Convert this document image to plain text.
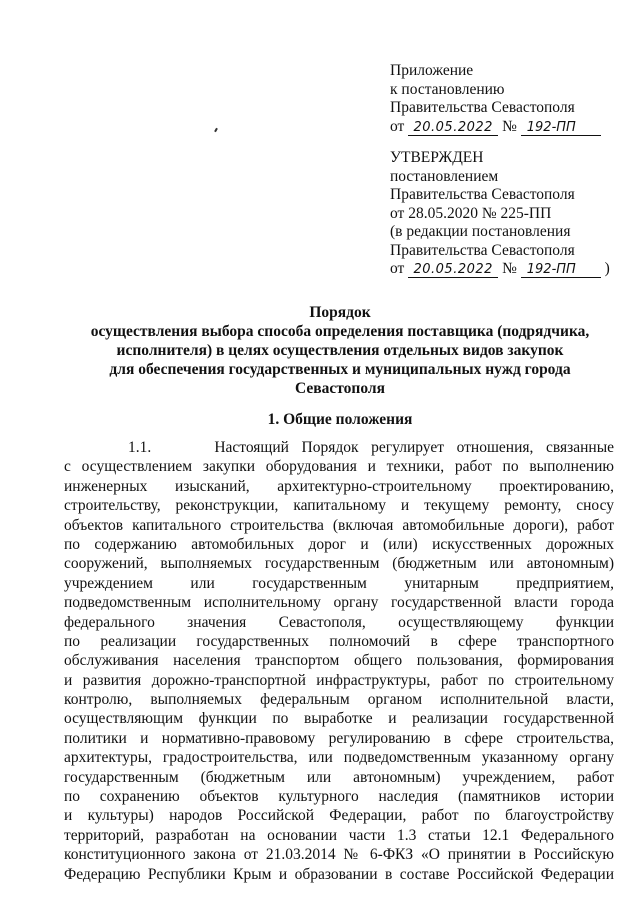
Приложение
к постановлению
Правительства Севастополя
от 20.05.2022 № 192-ПП
УТВЕРЖДЕН
постановлением
Правительства Севастополя
от 28.05.2020 № 225-ПП
(в редакции постановления
Правительства Севастополя
от 20.05.2022 № 192-ПП )
Порядок
осуществления выбора способа определения поставщика (подрядчика,
исполнителя) в целях осуществления отдельных видов закупок
для обеспечения государственных и муниципальных нужд города
Севастополя
1. Общие положения
1.1.     Настоящий Порядок регулирует отношения, связанные
с осуществлением закупки оборудования и техники, работ по выполнению
инженерных изысканий, архитектурно-строительному проектированию,
строительству, реконструкции, капитальному и текущему ремонту, сносу
объектов капитального строительства (включая автомобильные дороги), работ
по содержанию автомобильных дорог и (или) искусственных дорожных
сооружений, выполняемых государственным (бюджетным или автономным)
учреждением или государственным унитарным предприятием,
подведомственным исполнительному органу государственной власти города
федерального значения Севастополя, осуществляющему функции
по реализации государственных полномочий в сфере транспортного
обслуживания населения транспортом общего пользования, формирования
и развития дорожно-транспортной инфраструктуры, работ по строительному
контролю, выполняемых федеральным органом исполнительной власти,
осуществляющим функции по выработке и реализации государственной
политики и нормативно-правовому регулированию в сфере строительства,
архитектуры, градостроительства, или подведомственным указанному органу
государственным (бюджетным или автономным) учреждением, работ
по сохранению объектов культурного наследия (памятников истории
и культуры) народов Российской Федерации, работ по благоустройству
территорий, разработан на основании части 1.3 статьи 12.1 Федерального
конституционного закона от 21.03.2014 № 6-ФКЗ «О принятии в Российскую
Федерацию Республики Крым и образовании в составе Российской Федерации
